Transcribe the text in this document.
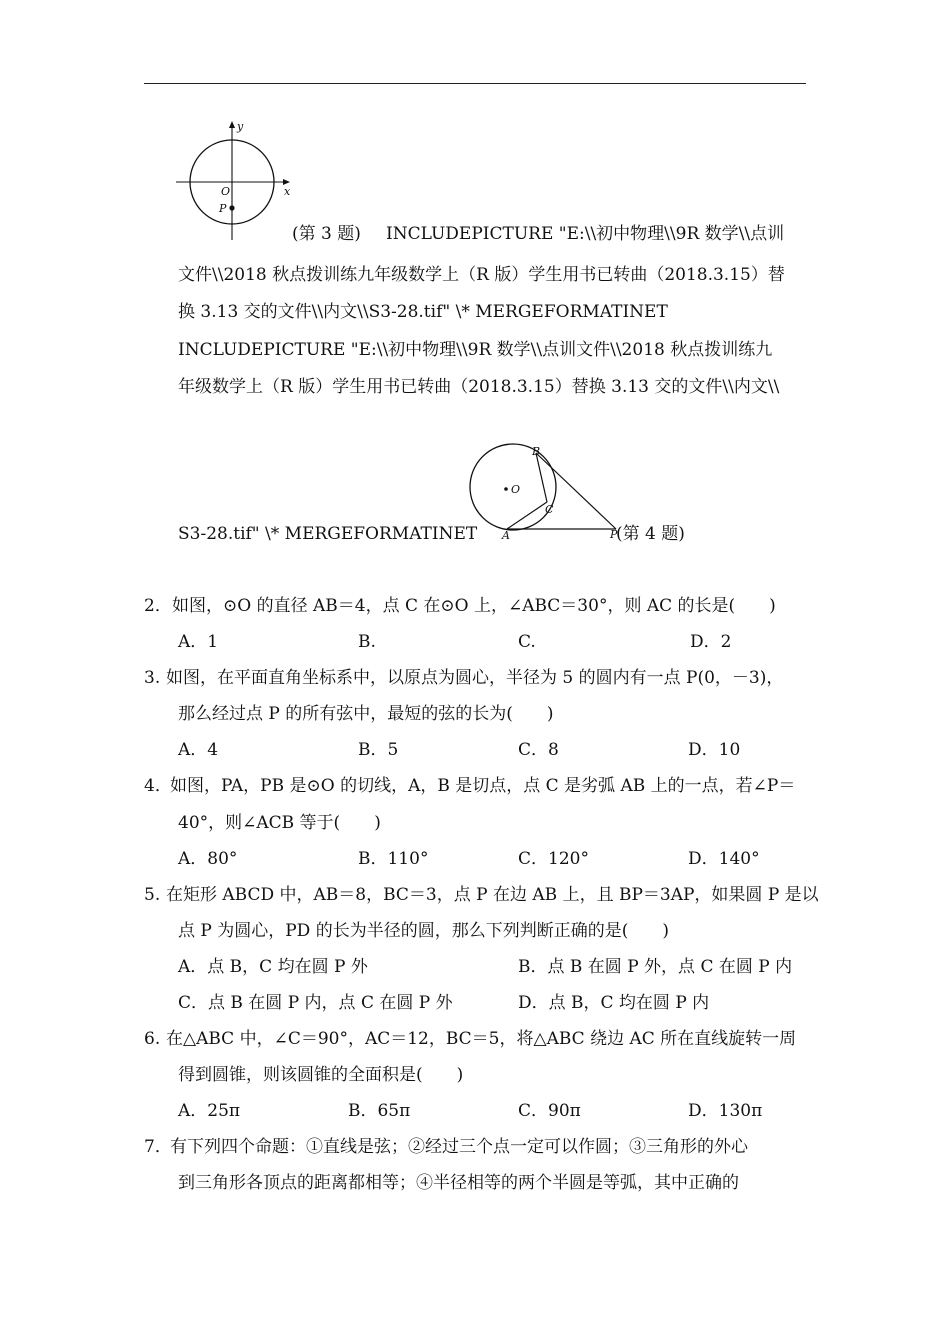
y
x
O
P
(第 3 题) INCLUDEPICTURE "E:\\初中物理\\9R 数学\\点训
文件\\2018 秋点拨训练九年级数学上（R 版）学生用书已转曲（2018.3.15）替
换 3.13 交的文件\\内文\\S3-28.tif" \* MERGEFORMATINET
INCLUDEPICTURE "E:\\初中物理\\9R 数学\\点训文件\\2018 秋点拨训练九
年级数学上（R 版）学生用书已转曲（2018.3.15）替换 3.13 交的文件\\内文\\
B
O
C
A	P
S3-28.tif" \* MERGEFORMATINET	(第 4 题)
2． 如图，⊙O 的直径 AB＝4，点 C 在⊙O 上，∠ABC＝30°，则 AC 的长是(　　)
A．1	B.	C.	D．2
3. 如图，在平面直角坐标系中，以原点为圆心，半径为 5 的圆内有一点 P(0，－3)，
那么经过点 P 的所有弦中，最短的弦的长为(　　)
A．4	B．5	C．8	D．10
4．
如图，PA，PB 是⊙O 的切线，A，B 是切点，点 C 是劣弧 AB 上的一点，若∠P＝
40°，则∠ACB 等于(　　)
A．80°	B．110°	C．120°	D．140°
5. 在矩形 ABCD 中，AB＝8，BC＝3，点 P 在边 AB 上，且 BP＝3AP，如果圆 P 是以
点 P 为圆心，PD 的长为半径的圆，那么下列判断正确的是(　　)
A．点 B，C 均在圆 P 外	B．点 B 在圆 P 外，点 C 在圆 P 内
C．点 B 在圆 P 内，点 C 在圆 P 外	D．点 B，C 均在圆 P 内
6. 在△ABC 中，∠C＝90°，AC＝12，BC＝5，将△ABC 绕边 AC 所在直线旋转一周
得到圆锥，则该圆锥的全面积是(　　)
A．25π	B．65π	C．90π	D．130π
7．
有下列四个命题：①直线是弦；②经过三个点一定可以作圆；③三角形的外心
到三角形各顶点的距离都相等；④半径相等的两个半圆是等弧，其中正确的
